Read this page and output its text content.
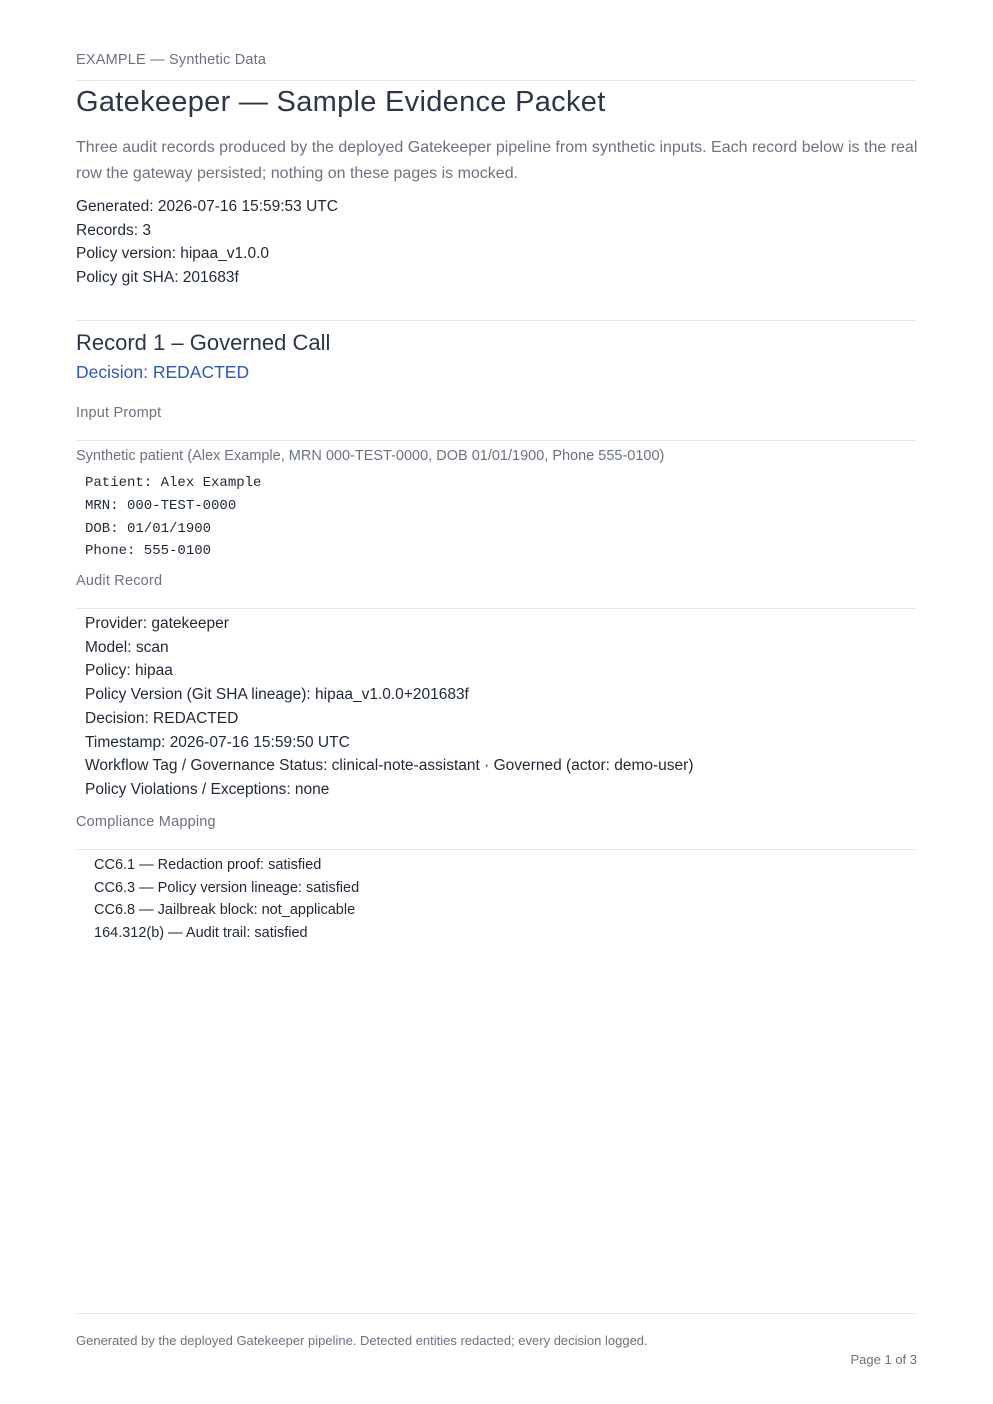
EXAMPLE — Synthetic Data
Gatekeeper — Sample Evidence Packet
Three audit records produced by the deployed Gatekeeper pipeline from synthetic inputs. Each record below is the real row the gateway persisted; nothing on these pages is mocked.
Generated: 2026-07-16 15:59:53 UTC
Records: 3
Policy version: hipaa_v1.0.0
Policy git SHA: 201683f
Record 1 – Governed Call
Decision: REDACTED
Input Prompt
Synthetic patient (Alex Example, MRN 000-TEST-0000, DOB 01/01/1900, Phone 555-0100)
Patient: Alex Example
MRN: 000-TEST-0000
DOB: 01/01/1900
Phone: 555-0100
Audit Record
Provider: gatekeeper
Model: scan
Policy: hipaa
Policy Version (Git SHA lineage): hipaa_v1.0.0+201683f
Decision: REDACTED
Timestamp: 2026-07-16 15:59:50 UTC
Workflow Tag / Governance Status: clinical-note-assistant · Governed (actor: demo-user)
Policy Violations / Exceptions: none
Compliance Mapping
CC6.1 — Redaction proof: satisfied
CC6.3 — Policy version lineage: satisfied
CC6.8 — Jailbreak block: not_applicable
164.312(b) — Audit trail: satisfied
Generated by the deployed Gatekeeper pipeline. Detected entities redacted; every decision logged.
Page 1 of 3
